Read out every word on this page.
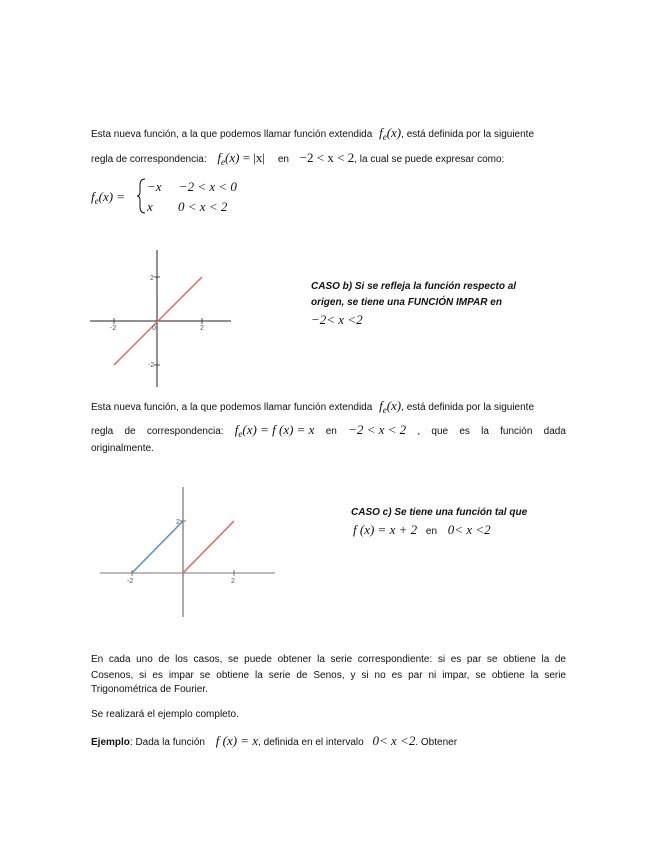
Esta nueva función, a la que podemos llamar función extendida $f_e(x)$, está definida por la siguiente
regla de correspondencia: $f_e(x) = |x|$ en −2 < x < 2, la cual se puede expresar como:
$f_e(x)$ =
−x −2 < x < 0
x 0 < x < 2
2
-2
-2	2
0
CASO b) Si se refleja la función respecto al
origen, se tiene una FUNCIÓN IMPAR en
−2< x <2
Esta nueva función, a la que podemos llamar función extendida $f_e(x)$, está definida por la siguiente
regla de correspondencia: $f_e(x) = f$ (x) = x en −2 < x < 2 , que es la función dada
originalmente.
2
-2	2
CASO c) Se tiene una función tal que
f (x) = x + 2 en 0< x <2
En cada uno de los casos, se puede obtener la serie correspondiente: si es par se obtiene la de
Cosenos, si es impar se obtiene la serie de Senos, y si no es par ni impar, se obtiene la serie
Trigonométrica de Fourier.
Se realizará el ejemplo completo.
Ejemplo: Dada la función f (x) = x, definida en el intervalo 0< x <2. Obtener
